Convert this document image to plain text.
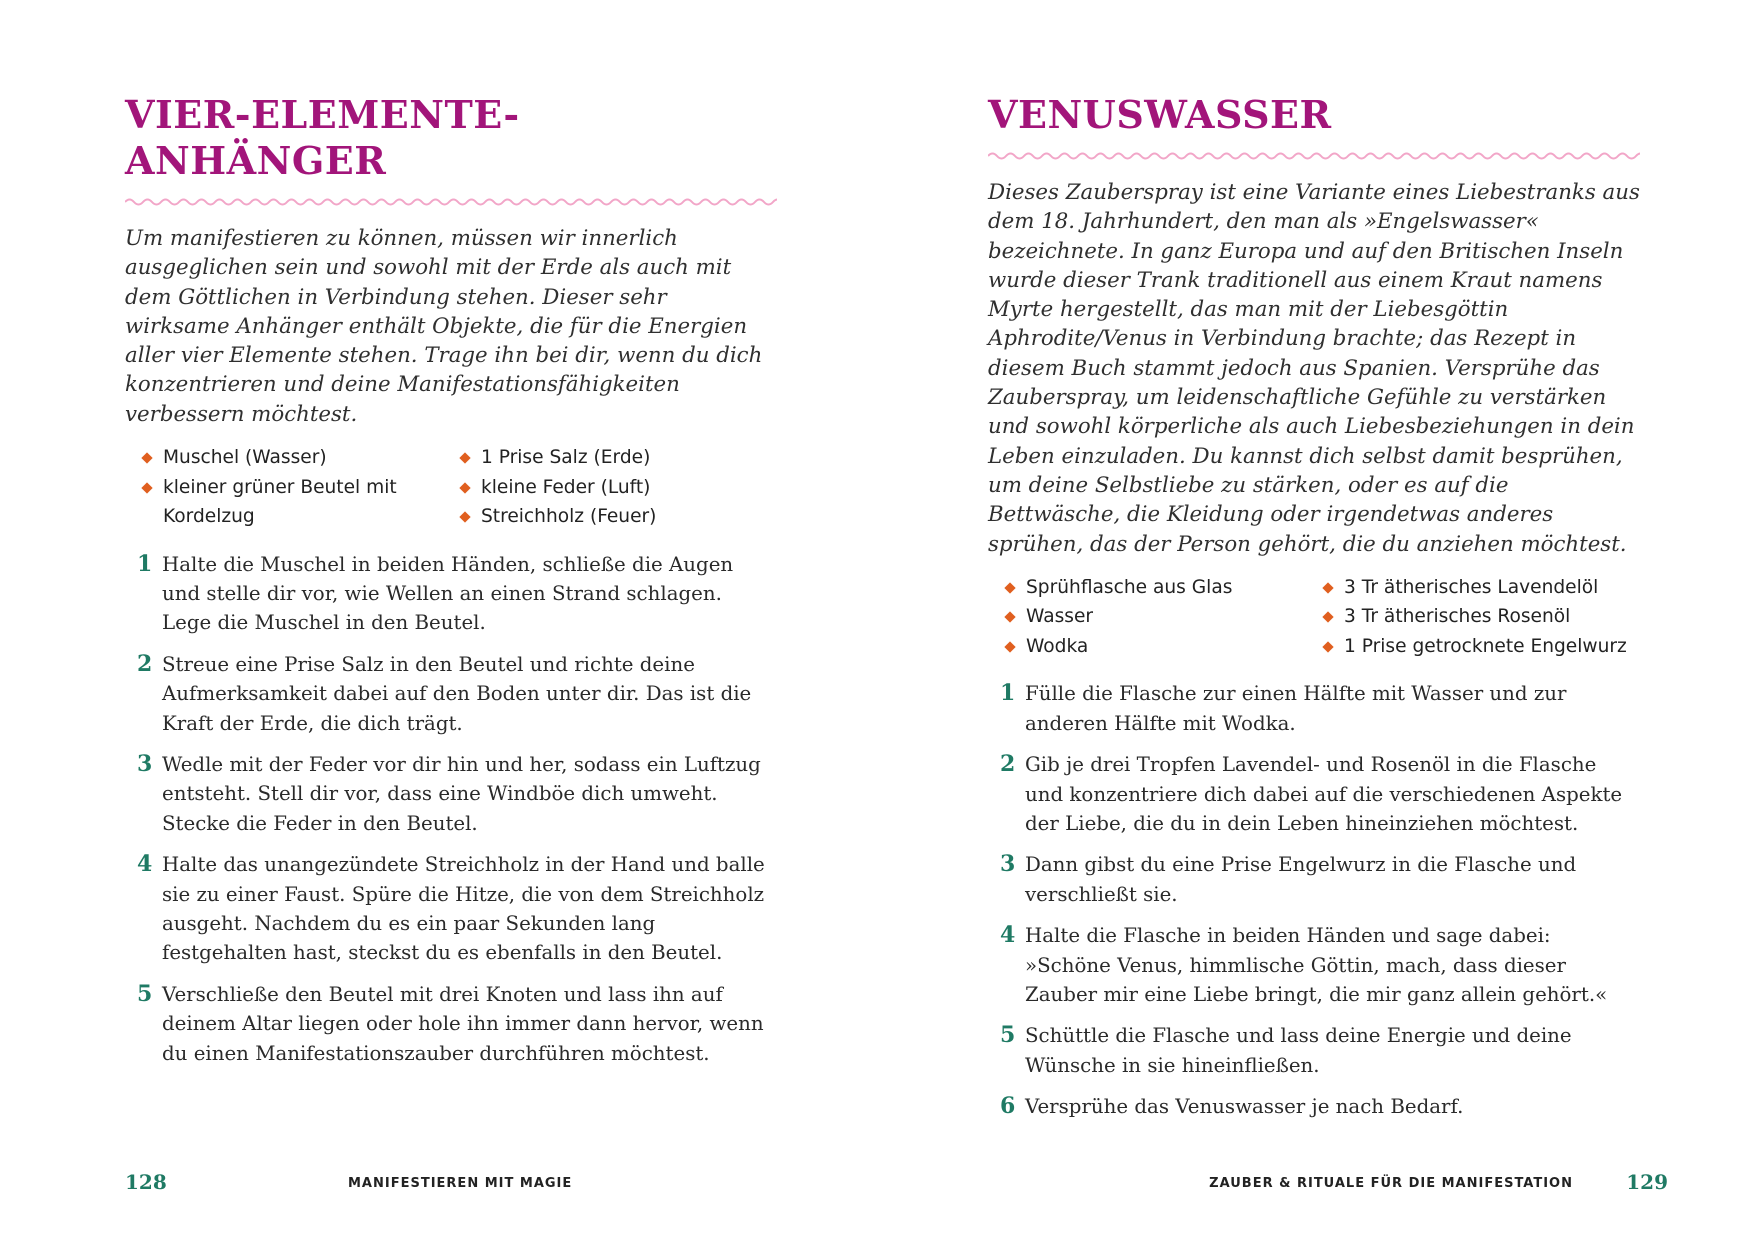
VIER-ELEMENTE-ANHÄNGER

Um manifestieren zu können, müssen wir innerlich ausgeglichen sein und sowohl mit der Erde als auch mit dem Göttlichen in Verbindung stehen. Dieser sehr wirksame Anhänger enthält Objekte, die für die Energien aller vier Elemente stehen. Trage ihn bei dir, wenn du dich konzentrieren und deine Manifestationsfähigkeiten verbessern möchtest.

Muschel (Wasser)
kleiner grüner Beutel mit Kordelzug
1 Prise Salz (Erde)
kleine Feder (Luft)
Streichholz (Feuer)
1 Halte die Muschel in beiden Händen, schließe die Augen und stelle dir vor, wie Wellen an einen Strand schlagen. Lege die Muschel in den Beutel.
2 Streue eine Prise Salz in den Beutel und richte deine Aufmerksamkeit dabei auf den Boden unter dir. Das ist die Kraft der Erde, die dich trägt.
3 Wedle mit der Feder vor dir hin und her, sodass ein Luftzug entsteht. Stell dir vor, dass eine Windböe dich umweht. Stecke die Feder in den Beutel.
4 Halte das unangezündete Streichholz in der Hand und balle sie zu einer Faust. Spüre die Hitze, die von dem Streichholz ausgeht. Nachdem du es ein paar Sekunden lang festgehalten hast, steckst du es ebenfalls in den Beutel.
5 Verschließe den Beutel mit drei Knoten und lass ihn auf deinem Altar liegen oder hole ihn immer dann hervor, wenn du einen Manifestationszauber durchführen möchtest.
128	MANIFESTIEREN MIT MAGIE
VENUSWASSER

Dieses Zauberspray ist eine Variante eines Liebestranks aus dem 18. Jahrhundert, den man als »Engelswasser« bezeichnete. In ganz Europa und auf den Britischen Inseln wurde dieser Trank traditionell aus einem Kraut namens Myrte hergestellt, das man mit der Liebesgöttin Aphrodite/Venus in Verbindung brachte; das Rezept in diesem Buch stammt jedoch aus Spanien. Versprühe das Zauberspray, um leidenschaftliche Gefühle zu verstärken und sowohl körperliche als auch Liebesbeziehungen in dein Leben einzuladen. Du kannst dich selbst damit besprühen, um deine Selbstliebe zu stärken, oder es auf die Bettwäsche, die Kleidung oder irgendetwas anderes sprühen, das der Person gehört, die du anziehen möchtest.

Sprühflasche aus Glas
Wasser
Wodka
3 Tr ätherisches Lavendelöl
3 Tr ätherisches Rosenöl
1 Prise getrocknete Engelwurz
1 Fülle die Flasche zur einen Hälfte mit Wasser und zur anderen Hälfte mit Wodka.
2 Gib je drei Tropfen Lavendel- und Rosenöl in die Flasche und konzentriere dich dabei auf die verschiedenen Aspekte der Liebe, die du in dein Leben hineinziehen möchtest.
3 Dann gibst du eine Prise Engelwurz in die Flasche und verschließt sie.
4 Halte die Flasche in beiden Händen und sage dabei: »Schöne Venus, himmlische Göttin, mach, dass dieser Zauber mir eine Liebe bringt, die mir ganz allein gehört.«
5 Schüttle die Flasche und lass deine Energie und deine Wünsche in sie hineinfließen.
6 Versprühe das Venuswasser je nach Bedarf.
ZAUBER & RITUALE FÜR DIE MANIFESTATION	129
